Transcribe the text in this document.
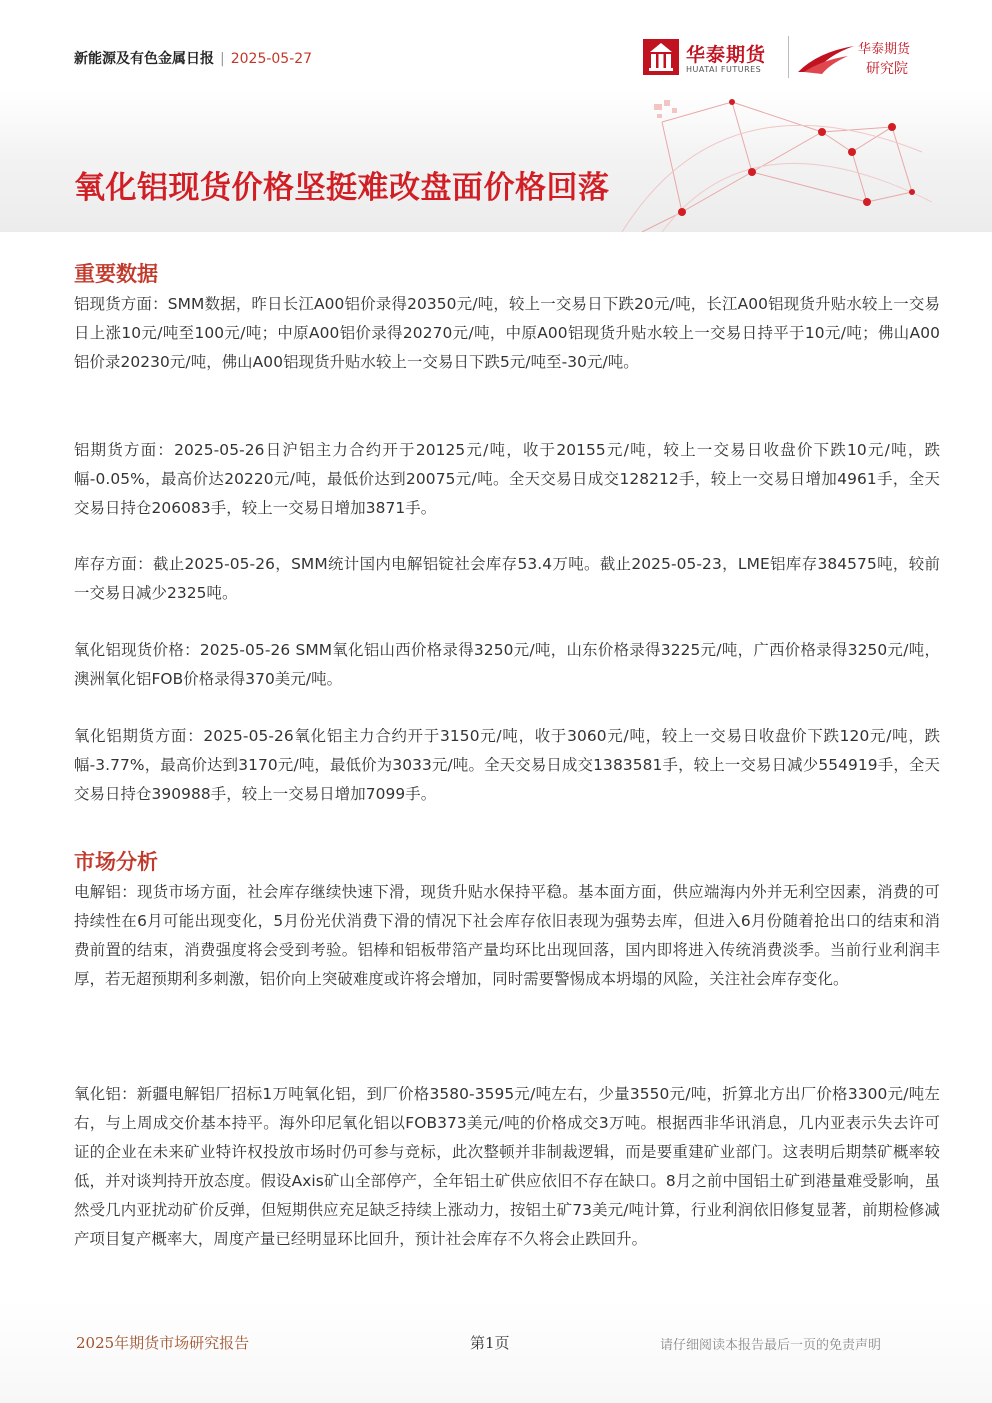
新能源及有色金属日报 | 2025-05-27	华泰期货
HUATAI FUTURES
华泰期货
研究院
氧化铝现货价格坚挺难改盘面价格回落
重要数据
铝现货方面：SMM数据，昨日长江A00铝价录得20350元/吨，较上一交易日下跌20元/吨，长江A00铝现货升贴水较上一交易日上涨10元/吨至100元/吨；中原A00铝价录得20270元/吨，中原A00铝现货升贴水较上一交易日持平于10元/吨；佛山A00铝价录20230元/吨，佛山A00铝现货升贴水较上一交易日下跌5元/吨至-30元/吨。
铝期货方面：2025-05-26日沪铝主力合约开于20125元/吨，收于20155元/吨，较上一交易日收盘价下跌10元/吨，跌幅-0.05%，最高价达20220元/吨，最低价达到20075元/吨。全天交易日成交128212手，较上一交易日增加4961手，全天交易日持仓206083手，较上一交易日增加3871手。
库存方面：截止2025-05-26，SMM统计国内电解铝锭社会库存53.4万吨。截止2025-05-23，LME铝库存384575吨，较前一交易日减少2325吨。
氧化铝现货价格：2025-05-26 SMM氧化铝山西价格录得3250元/吨，山东价格录得3225元/吨，广西价格录得3250元/吨，澳洲氧化铝FOB价格录得370美元/吨。
氧化铝期货方面：2025-05-26氧化铝主力合约开于3150元/吨，收于3060元/吨，较上一交易日收盘价下跌120元/吨，跌幅-3.77%，最高价达到3170元/吨，最低价为3033元/吨。全天交易日成交1383581手，较上一交易日减少554919手，全天交易日持仓390988手，较上一交易日增加7099手。
市场分析
电解铝：现货市场方面，社会库存继续快速下滑，现货升贴水保持平稳。基本面方面，供应端海内外并无利空因素，消费的可持续性在6月可能出现变化，5月份光伏消费下滑的情况下社会库存依旧表现为强势去库，但进入6月份随着抢出口的结束和消费前置的结束，消费强度将会受到考验。铝棒和铝板带箔产量均环比出现回落，国内即将进入传统消费淡季。当前行业利润丰厚，若无超预期利多刺激，铝价向上突破难度或许将会增加，同时需要警惕成本坍塌的风险，关注社会库存变化。
氧化铝：新疆电解铝厂招标1万吨氧化铝，到厂价格3580-3595元/吨左右，少量3550元/吨，折算北方出厂价格3300元/吨左右，与上周成交价基本持平。海外印尼氧化铝以FOB373美元/吨的价格成交3万吨。根据西非华讯消息，几内亚表示失去许可证的企业在未来矿业特许权投放市场时仍可参与竞标，此次整顿并非制裁逻辑，而是要重建矿业部门。这表明后期禁矿概率较低，并对谈判持开放态度。假设Axis矿山全部停产，全年铝土矿供应依旧不存在缺口。8月之前中国铝土矿到港量难受影响，虽然受几内亚扰动矿价反弹，但短期供应充足缺乏持续上涨动力，按铝土矿73美元/吨计算，行业利润依旧修复显著，前期检修减产项目复产概率大，周度产量已经明显环比回升，预计社会库存不久将会止跌回升。
2025年期货市场研究报告	第1页	请仔细阅读本报告最后一页的免责声明
